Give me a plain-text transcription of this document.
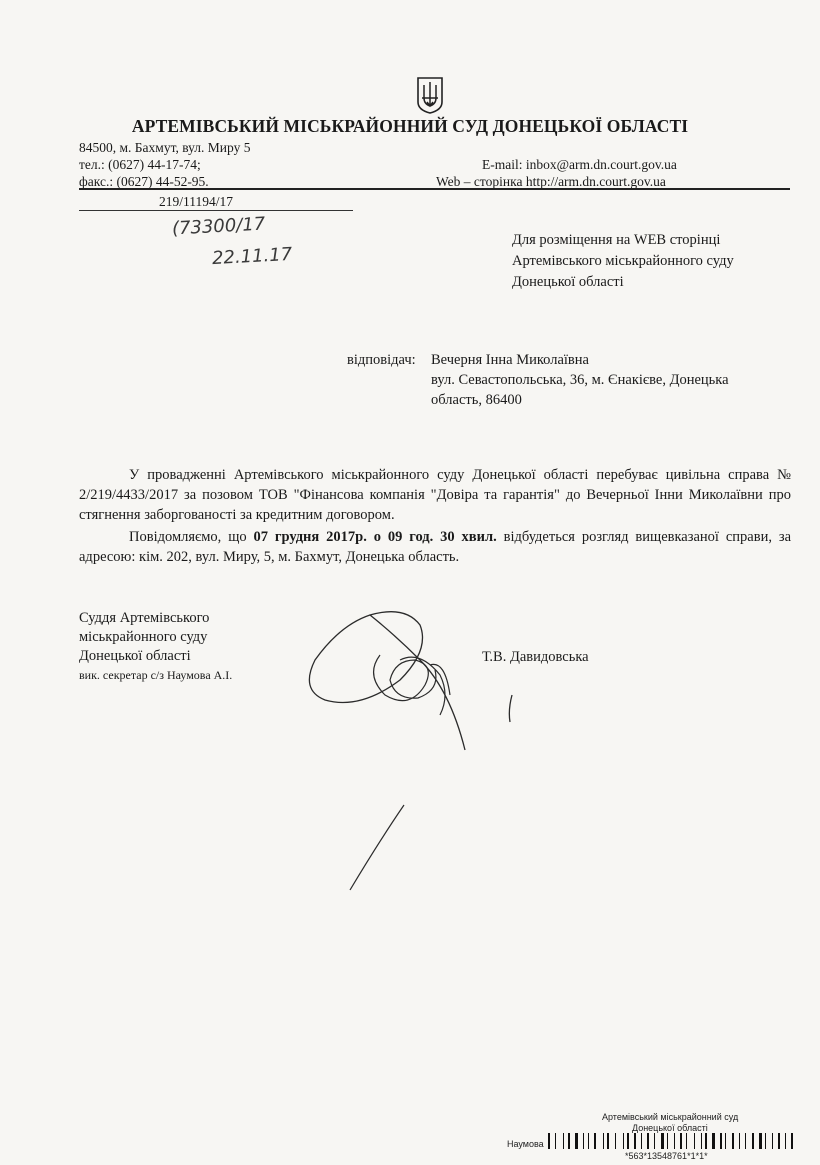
АРТЕМІВСЬКИЙ МІСЬКРАЙОННИЙ СУД ДОНЕЦЬКОЇ ОБЛАСТІ
84500, м. Бахмут, вул. Миру 5
тел.: (0627) 44-17-74;
факс.: (0627) 44-52-95.
E-mail: inbox@arm.dn.court.gov.ua
Web – сторінка http://arm.dn.court.gov.ua
219/11194/17
(73300/17
22.11.17
Для розміщення на WEB сторінці
Артемівського міськрайонного суду
Донецької області
відповідач: Вечерня Інна Миколаївна
вул. Севастопольська, 36, м. Єнакієве, Донецька
область, 86400
У провадженні Артемівського міськрайонного суду Донецької області перебуває цивільна справа № 2/219/4433/2017 за позовом ТОВ "Фінансова компанія "Довіра та гарантія" до Вечерньої Інни Миколаївни про стягнення заборгованості за кредитним договором.
Повідомляємо, що 07 грудня 2017р. о 09 год. 30 хвил. відбудеться розгляд вищевказаної справи, за адресою: кім. 202, вул. Миру, 5, м. Бахмут, Донецька область.
Суддя Артемівського
міськрайонного суду
Донецької області
вик. секретар с/з Наумова А.І.
Т.В. Давидовська
Артемівський міськрайонний суд
Донецької області
Наумова
*563*13548761*1*1*
